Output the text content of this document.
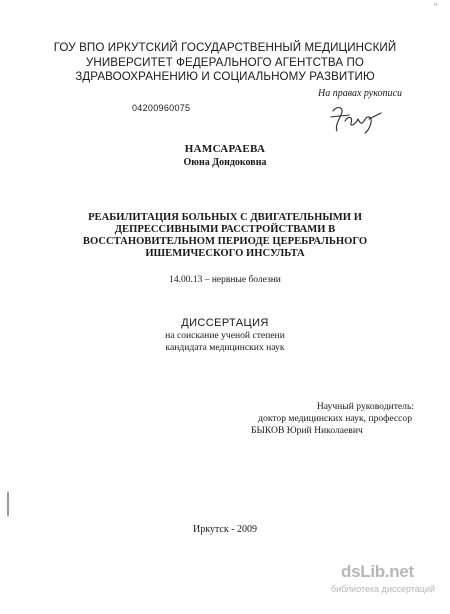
"
ГОУ ВПО ИРКУТСКИЙ ГОСУДАРСТВЕННЫЙ МЕДИЦИНСКИЙ
УНИВЕРСИТЕТ ФЕДЕРАЛЬНОГО АГЕНТСТВА ПО
ЗДРАВООХРАНЕНИЮ И СОЦИАЛЬНОМУ РАЗВИТИЮ
На правах рукописи
04200960075
НАМСАРАЕВА
Оюна Дондоковна
РЕАБИЛИТАЦИЯ БОЛЬНЫХ С ДВИГАТЕЛЬНЫМИ И
ДЕПРЕССИВНЫМИ РАССТРОЙСТВАМИ В
ВОССТАНОВИТЕЛЬНОМ ПЕРИОДЕ ЦЕРЕБРАЛЬНОГО
ИШЕМИЧЕСКОГО ИНСУЛЬТА
14.00.13 – нервные болезни
ДИССЕРТАЦИЯ
на соискание ученой степени
кандидата медицинских наук
Научный руководитель:
доктор медицинских наук, профессор
БЫКОВ Юрий Николаевич
Иркутск - 2009
dsLib.net
библиотека диссертаций
